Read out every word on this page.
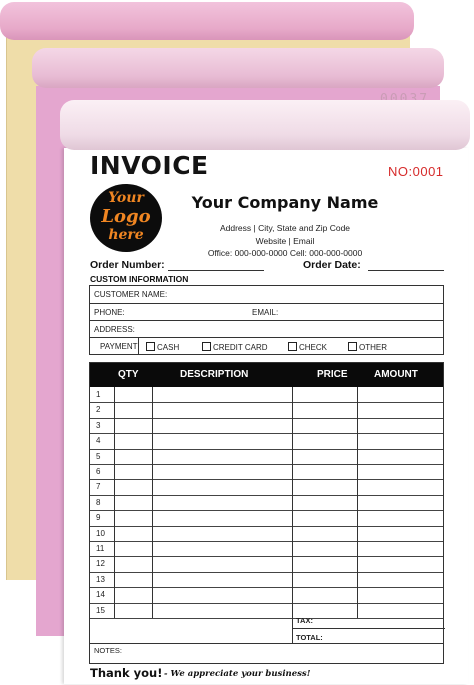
INVOICE	NO:0001
Your
Logo
here
Your Company Name
Address | City, State and Zip Code
Website | Email
Office: 000-000-0000 Cell: 000-000-0000
Order Number:	Order Date:
CUSTOM INFORMATION
CUSTOMER NAME:
PHONE:	EMAIL:
ADDRESS:
PAYMENT	CASH	CREDIT CARD	CHECK	OTHER
QTY	DESCRIPTION	PRICE	AMOUNT
1
2
3
4
5
6
7
8
9
10
11
12
13
14
15
TAX:
TOTAL:
NOTES:
Thank you! - We appreciate your business!
